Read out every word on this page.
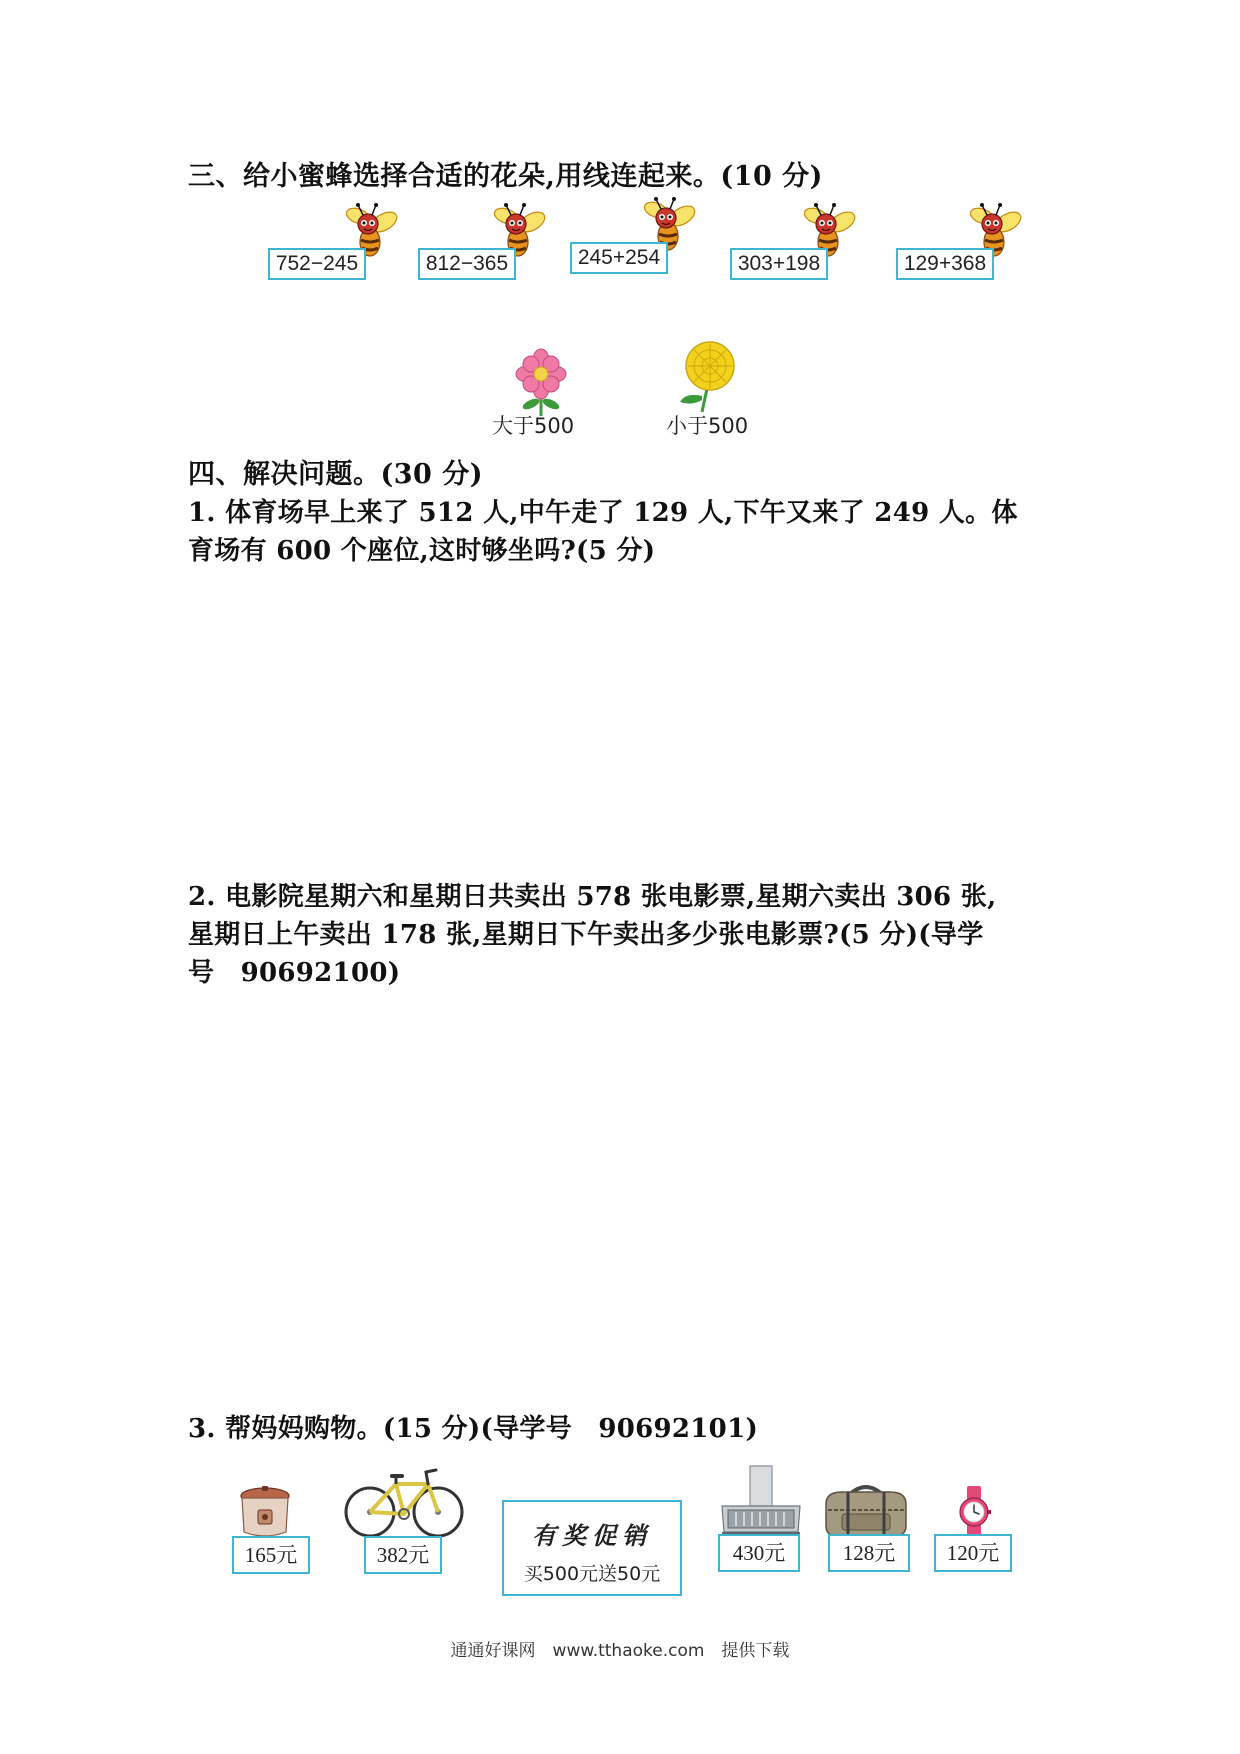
三、给小蜜蜂选择合适的花朵,用线连起来。(10 分)
752−245	812−365	245+254	303+198	129+368
大于500	小于500
四、解决问题。(30 分)
1. 体育场早上来了 512 人,中午走了 129 人,下午又来了 249 人。体
育场有 600 个座位,这时够坐吗?(5 分)
2. 电影院星期六和星期日共卖出 578 张电影票,星期六卖出 306 张,
星期日上午卖出 178 张,星期日下午卖出多少张电影票?(5 分)(导学
号　90692100)
3. 帮妈妈购物。(15 分)(导学号　90692101)
165元	382元
有奖促销
买500元送50元
430元	128元	120元
通通好课网　www.tthaoke.com　提供下载
